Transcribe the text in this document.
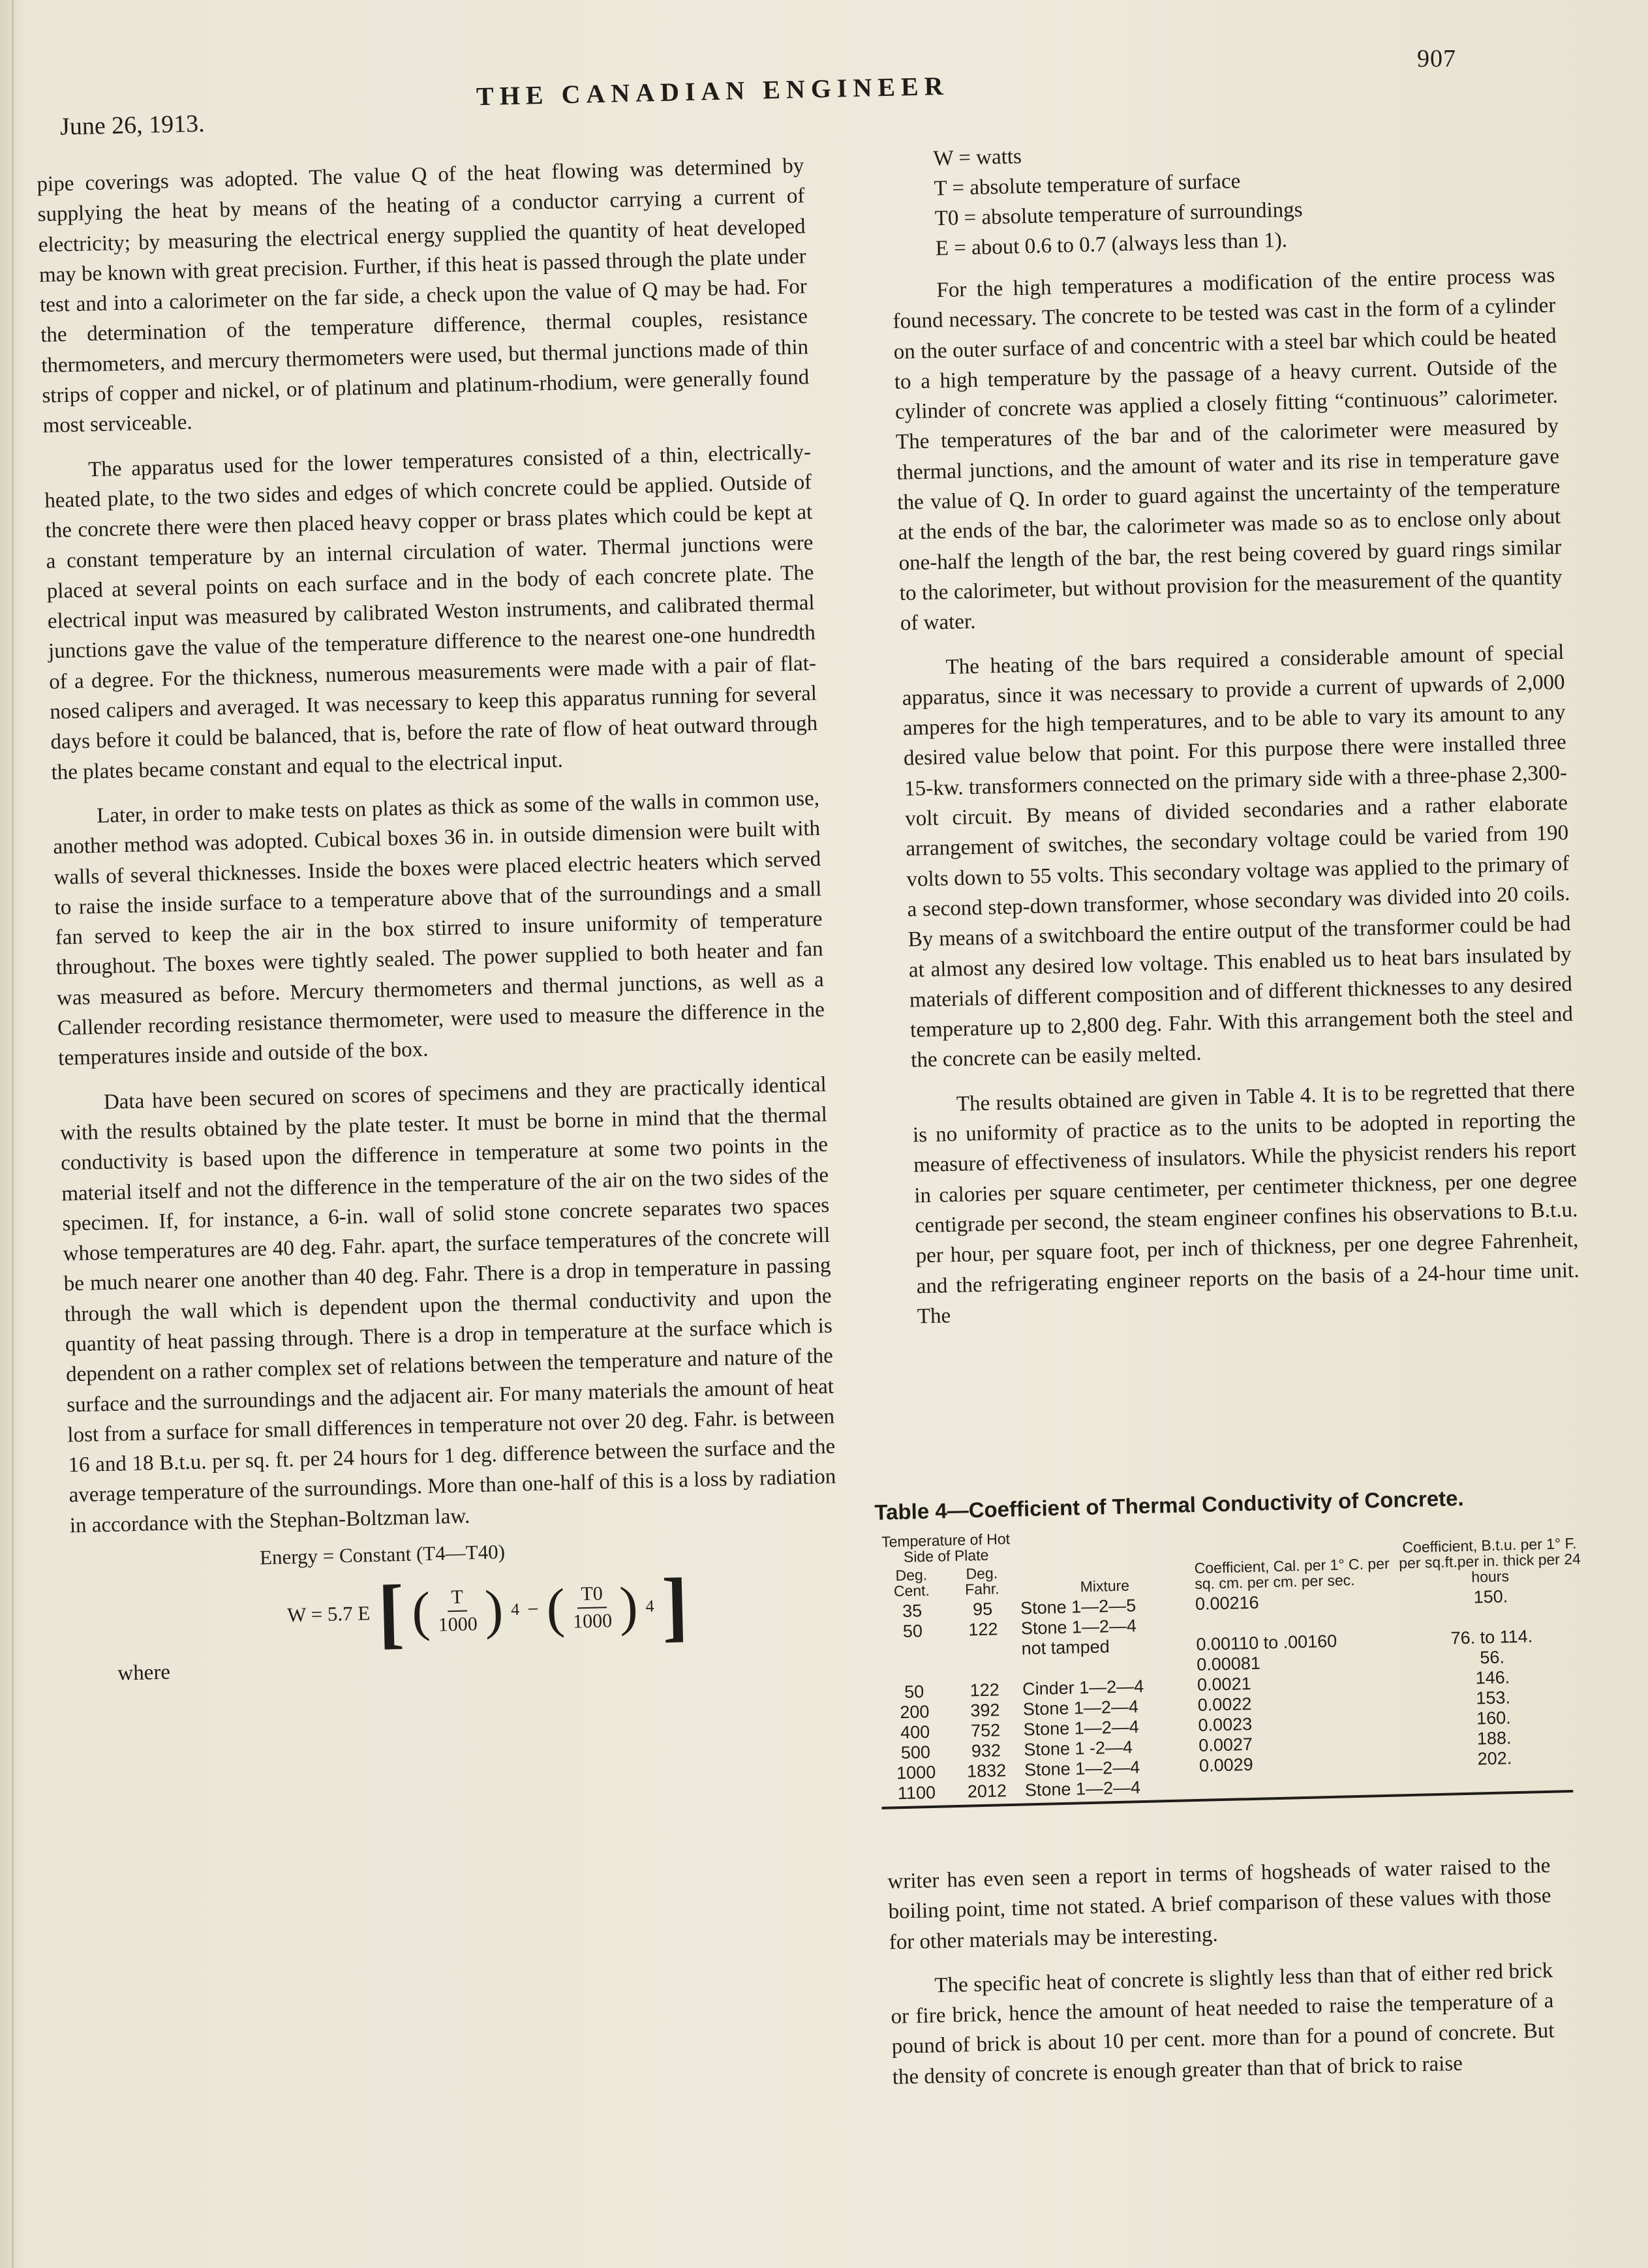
907
June 26, 1913.
THE CANADIAN ENGINEER

pipe coverings was adopted. The value Q of the heat flowing was determined by supplying the heat by means of the heating of a conductor carrying a current of electricity; by measuring the electrical energy supplied the quantity of heat developed may be known with great precision. Further, if this heat is passed through the plate under test and into a calorimeter on the far side, a check upon the value of Q may be had. For the determination of the temperature difference, thermal couples, resistance thermometers, and mercury thermometers were used, but thermal junctions made of thin strips of copper and nickel, or of platinum and platinum-rhodium, were generally found most serviceable.

The apparatus used for the lower temperatures consisted of a thin, electrically-heated plate, to the two sides and edges of which concrete could be applied. Outside of the concrete there were then placed heavy copper or brass plates which could be kept at a constant temperature by an internal circulation of water. Thermal junctions were placed at several points on each surface and in the body of each concrete plate. The electrical input was measured by calibrated Weston instruments, and calibrated thermal junctions gave the value of the temperature difference to the nearest one-one hundredth of a degree. For the thickness, numerous measurements were made with a pair of flat-nosed calipers and averaged. It was necessary to keep this apparatus running for several days before it could be balanced, that is, before the rate of flow of heat outward through the plates became constant and equal to the electrical input.

Later, in order to make tests on plates as thick as some of the walls in common use, another method was adopted. Cubical boxes 36 in. in outside dimension were built with walls of several thicknesses. Inside the boxes were placed electric heaters which served to raise the inside surface to a temperature above that of the surroundings and a small fan served to keep the air in the box stirred to insure uniformity of temperature throughout. The boxes were tightly sealed. The power supplied to both heater and fan was measured as before. Mercury thermometers and thermal junctions, as well as a Callender recording resistance thermometer, were used to measure the difference in the temperatures inside and outside of the box.

Data have been secured on scores of specimens and they are practically identical with the results obtained by the plate tester. It must be borne in mind that the thermal conductivity is based upon the difference in temperature at some two points in the material itself and not the difference in the temperature of the air on the two sides of the specimen. If, for instance, a 6-in. wall of solid stone concrete separates two spaces whose temperatures are 40 deg. Fahr. apart, the surface temperatures of the concrete will be much nearer one another than 40 deg. Fahr. There is a drop in temperature in passing through the wall which is dependent upon the thermal conductivity and upon the quantity of heat passing through. There is a drop in temperature at the surface which is dependent on a rather complex set of relations between the temperature and nature of the surface and the surroundings and the adjacent air. For many materials the amount of heat lost from a surface for small differences in temperature not over 20 deg. Fahr. is between 16 and 18 B.t.u. per sq. ft. per 24 hours for 1 deg. difference between the surface and the average temperature of the surroundings. More than one-half of this is a loss by radiation in accordance with the Stephan-Boltzman law.

Energy = Constant (T4—T40)
W = 5.7 E [ ( $\frac{T}{1000}$ ) 4 − ( $\frac{T0}{1000}$ ) 4 ]

where

W = watts

T = absolute temperature of surface

T0 = absolute temperature of surroundings

E = about 0.6 to 0.7 (always less than 1).

For the high temperatures a modification of the entire process was found necessary. The concrete to be tested was cast in the form of a cylinder on the outer surface of and concentric with a steel bar which could be heated to a high temperature by the passage of a heavy current. Outside of the cylinder of concrete was applied a closely fitting “continuous” calorimeter. The temperatures of the bar and of the calorimeter were measured by thermal junctions, and the amount of water and its rise in temperature gave the value of Q. In order to guard against the uncertainty of the temperature at the ends of the bar, the calorimeter was made so as to enclose only about one-half the length of the bar, the rest being covered by guard rings similar to the calorimeter, but without provision for the measurement of the quantity of water.

The heating of the bars required a considerable amount of special apparatus, since it was necessary to provide a current of upwards of 2,000 amperes for the high temperatures, and to be able to vary its amount to any desired value below that point. For this purpose there were installed three 15-kw. transformers connected on the primary side with a three-phase 2,300-volt circuit. By means of divided secondaries and a rather elaborate arrangement of switches, the secondary voltage could be varied from 190 volts down to 55 volts. This secondary voltage was applied to the primary of a second step-down transformer, whose secondary was divided into 20 coils. By means of a switchboard the entire output of the transformer could be had at almost any desired low voltage. This enabled us to heat bars insulated by materials of different composition and of different thicknesses to any desired temperature up to 2,800 deg. Fahr. With this arrangement both the steel and the concrete can be easily melted.

The results obtained are given in Table 4. It is to be regretted that there is no uniformity of practice as to the units to be adopted in reporting the measure of effectiveness of insulators. While the physicist renders his report in calories per square centimeter, per centimeter thickness, per one degree centigrade per second, the steam engineer confines his observations to B.t.u. per hour, per square foot, per inch of thickness, per one degree Fahrenheit, and the refrigerating engineer reports on the basis of a 24-hour time unit. The

Table 4—Coefficient of Thermal Conductivity of Concrete.
Temperature of Hot Side of Plate		Mixture	Coefficient, Cal. per 1° C. per sq. cm. per cm. per sec.	Coefficient, B.t.u. per 1° F. per sq.ft.per in. thick per 24 hours
Deg. Cent.	Deg. Fahr.			
35	95	Stone 1—2—5	0.00216	150.
50	122	Stone 1—2—4		
		not tamped	0.00110 to .00160	76. to 114.
			0.00081	56.
50	122	Cinder 1—2—4	0.0021	146.
200	392	Stone 1—2—4	0.0022	153.
400	752	Stone 1—2—4	0.0023	160.
500	932	Stone 1 -2—4	0.0027	188.
1000	1832	Stone 1—2—4	0.0029	202.
1100	2012	Stone 1—2—4		

writer has even seen a report in terms of hogsheads of water raised to the boiling point, time not stated. A brief comparison of these values with those for other materials may be interesting.

The specific heat of concrete is slightly less than that of either red brick or fire brick, hence the amount of heat needed to raise the temperature of a pound of brick is about 10 per cent. more than for a pound of concrete. But the density of concrete is enough greater than that of brick to raise
